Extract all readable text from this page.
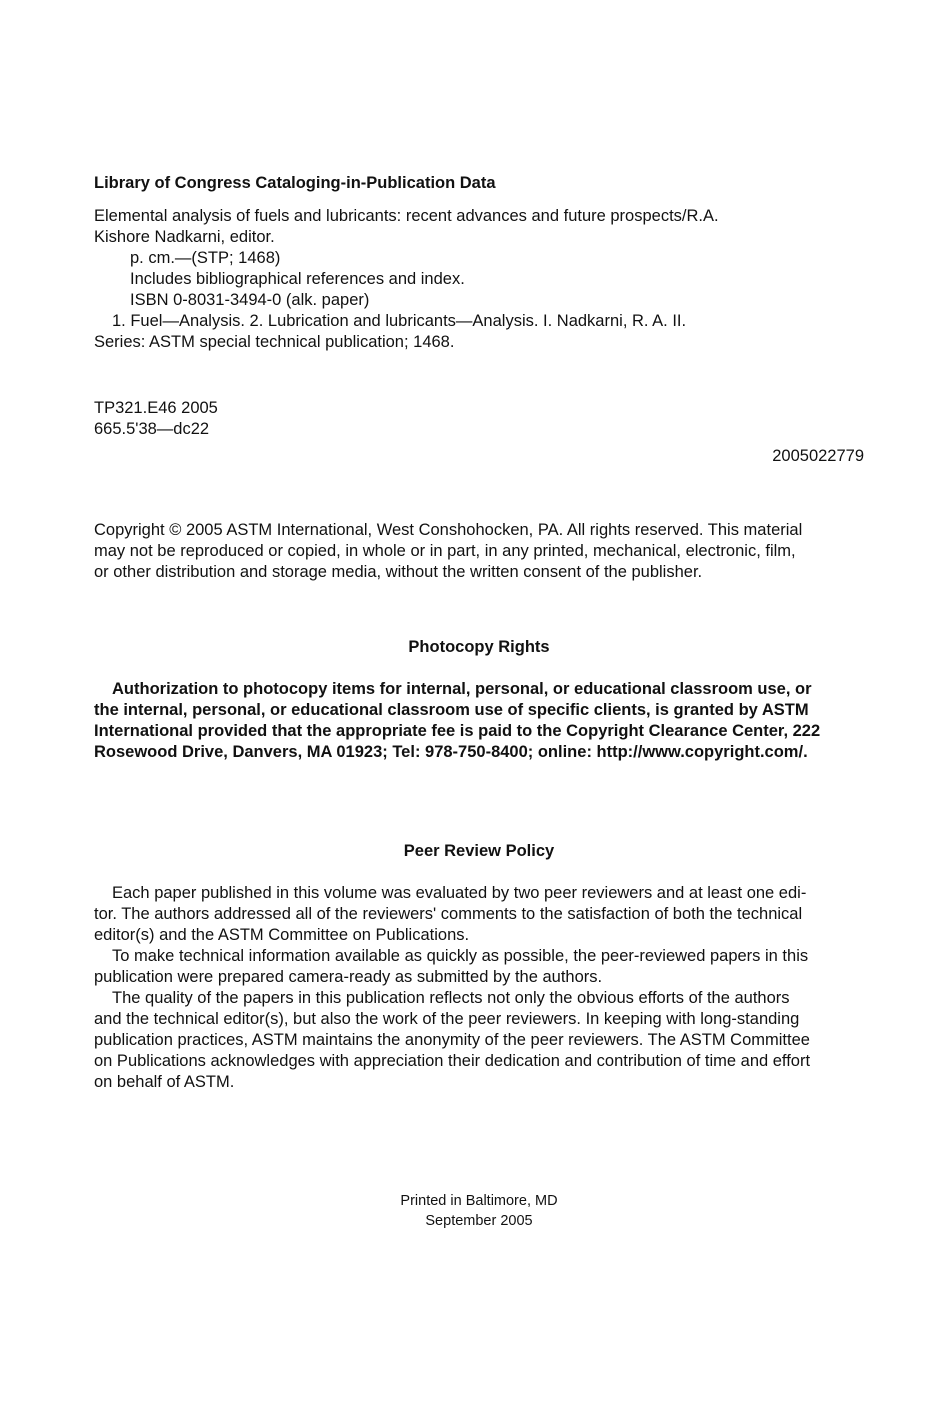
Library of Congress Cataloging-in-Publication Data
Elemental analysis of fuels and lubricants: recent advances and future prospects/R.A.
Kishore Nadkarni, editor.
p. cm.—(STP; 1468)
Includes bibliographical references and index.
ISBN 0-8031-3494-0 (alk. paper)
1. Fuel—Analysis. 2. Lubrication and lubricants—Analysis. I. Nadkarni, R. A. II.
Series: ASTM special technical publication; 1468.
TP321.E46 2005
665.5'38—dc22
2005022779
Copyright © 2005 ASTM International, West Conshohocken, PA. All rights reserved. This material
may not be reproduced or copied, in whole or in part, in any printed, mechanical, electronic, film,
or other distribution and storage media, without the written consent of the publisher.
Photocopy Rights
Authorization to photocopy items for internal, personal, or educational classroom use, or
the internal, personal, or educational classroom use of specific clients, is granted by ASTM
International provided that the appropriate fee is paid to the Copyright Clearance Center, 222
Rosewood Drive, Danvers, MA 01923; Tel: 978-750-8400; online: http://www.copyright.com/.
Peer Review Policy
Each paper published in this volume was evaluated by two peer reviewers and at least one edi-
tor. The authors addressed all of the reviewers' comments to the satisfaction of both the technical
editor(s) and the ASTM Committee on Publications.
To make technical information available as quickly as possible, the peer-reviewed papers in this
publication were prepared camera-ready as submitted by the authors.
The quality of the papers in this publication reflects not only the obvious efforts of the authors
and the technical editor(s), but also the work of the peer reviewers. In keeping with long-standing
publication practices, ASTM maintains the anonymity of the peer reviewers. The ASTM Committee
on Publications acknowledges with appreciation their dedication and contribution of time and effort
on behalf of ASTM.
Printed in Baltimore, MD
September 2005
